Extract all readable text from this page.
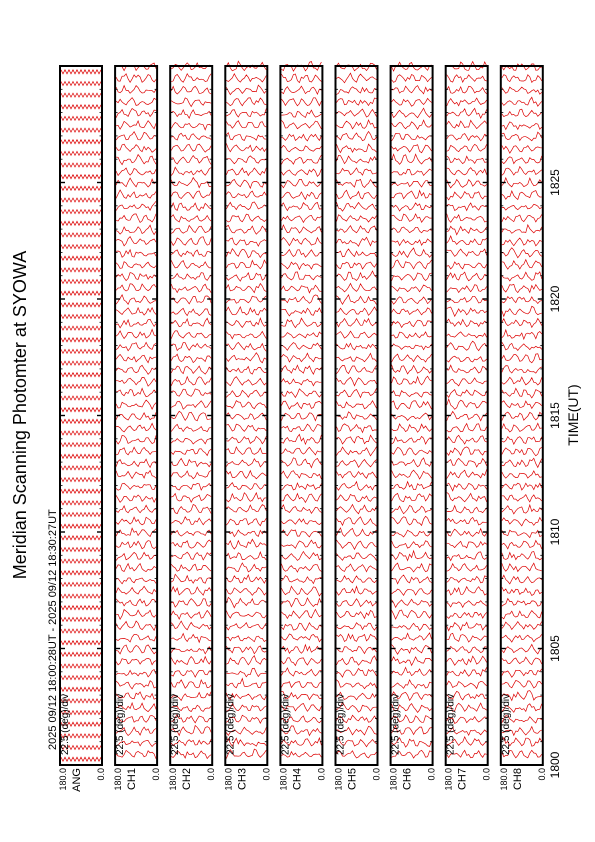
Meridian Scanning Photomter at SYOWA
2025 09/12 18:00:28UT - 2025 09/12 18:30:27UT
TIME(UT)
22.5 (deg)/div
180.0 ANG 0.0
22.5 (deg)/div
180.0 CH1 0.0
22.5 (deg)/div
180.0 CH2 0.0
22.5 (deg)/div
180.0 CH3 0.0
22.5 (deg)/div
180.0 CH4 0.0
22.5 (deg)/div
180.0 CH5 0.0
22.5 (deg)/div
180.0 CH6 0.0
22.5 (deg)/div
180.0 CH7 0.0
22.5 (deg)/div
180.0 CH8 0.0 1800
1805
1810
1815
1820
1825
